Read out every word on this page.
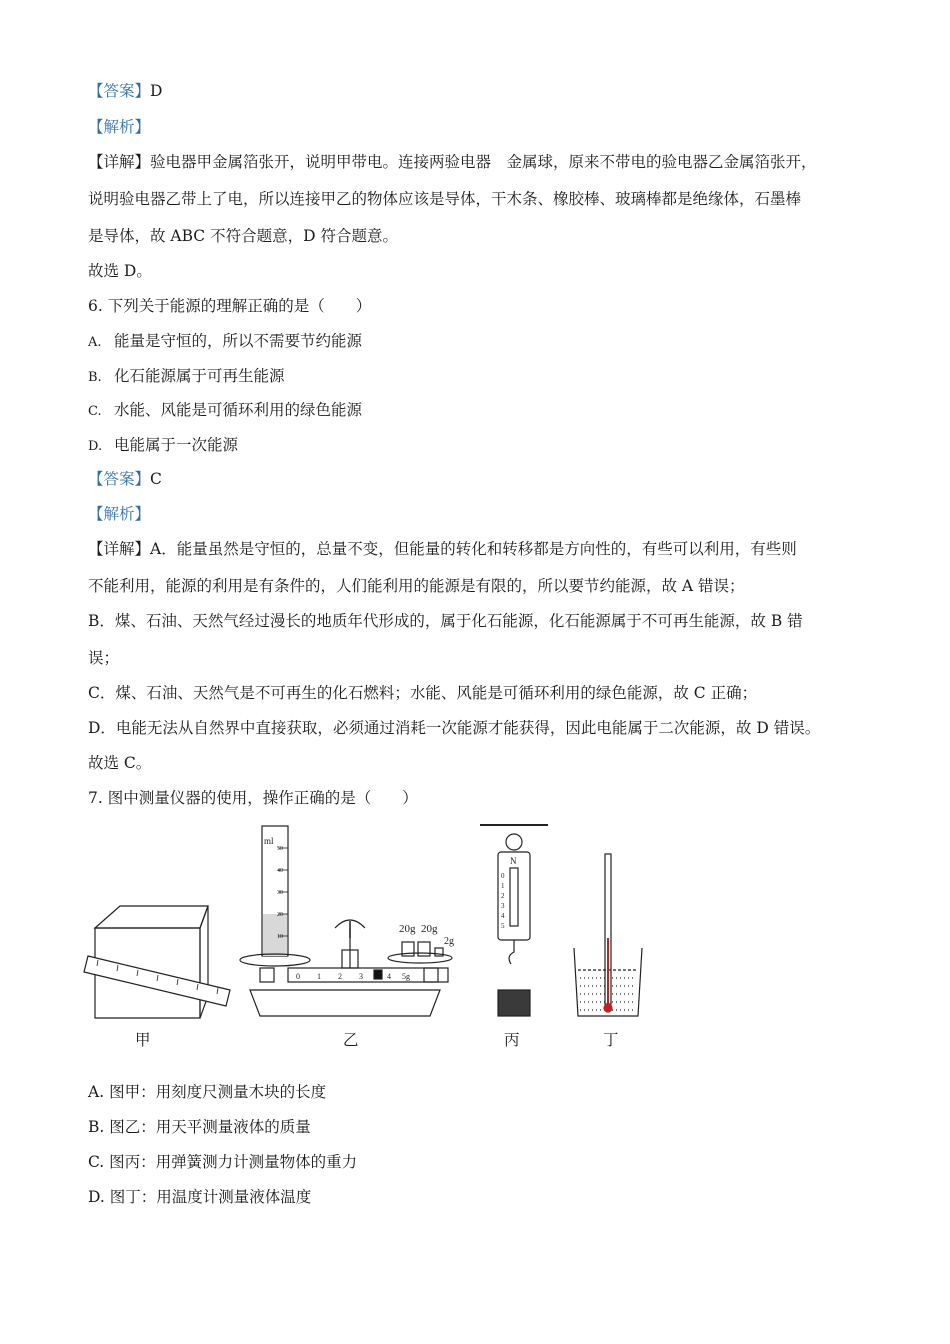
【答案】D
【解析】
【详解】验电器甲金属箔张开，说明甲带电。连接两验电器　金属球，原来不带电的验电器乙金属箔张开，
说明验电器乙带上了电，所以连接甲乙的物体应该是导体，干木条、橡胶棒、玻璃棒都是绝缘体，石墨棒
是导体，故 ABC 不符合题意，D 符合题意。
故选 D。
6. 下列关于能源的理解正确的是（　　）
A. 能量是守恒的，所以不需要节约能源
B. 化石能源属于可再生能源
C. 水能、风能是可循环利用的绿色能源
D. 电能属于一次能源
【答案】C
【解析】
【详解】A．能量虽然是守恒的，总量不变，但能量的转化和转移都是方向性的，有些可以利用，有些则
不能利用，能源的利用是有条件的，人们能利用的能源是有限的，所以要节约能源，故 A 错误；
B．煤、石油、天然气经过漫长的地质年代形成的，属于化石能源，化石能源属于不可再生能源，故 B 错
误；
C．煤、石油、天然气是不可再生的化石燃料；水能、风能是可循环利用的绿色能源，故 C 正确；
D．电能无法从自然界中直接获取，必须通过消耗一次能源才能获得，因此电能属于二次能源，故 D 错误。
故选 C。
7. 图中测量仪器的使用，操作正确的是（　　）
ml
50
40
30
20
10
20g 20g
2g
0 1 2 3	4 5g
N
0
1
2
3
4
5
甲	乙	丙	丁
A. 图甲：用刻度尺测量木块的长度
B. 图乙：用天平测量液体的质量
C. 图丙：用弹簧测力计测量物体的重力
D. 图丁：用温度计测量液体温度
